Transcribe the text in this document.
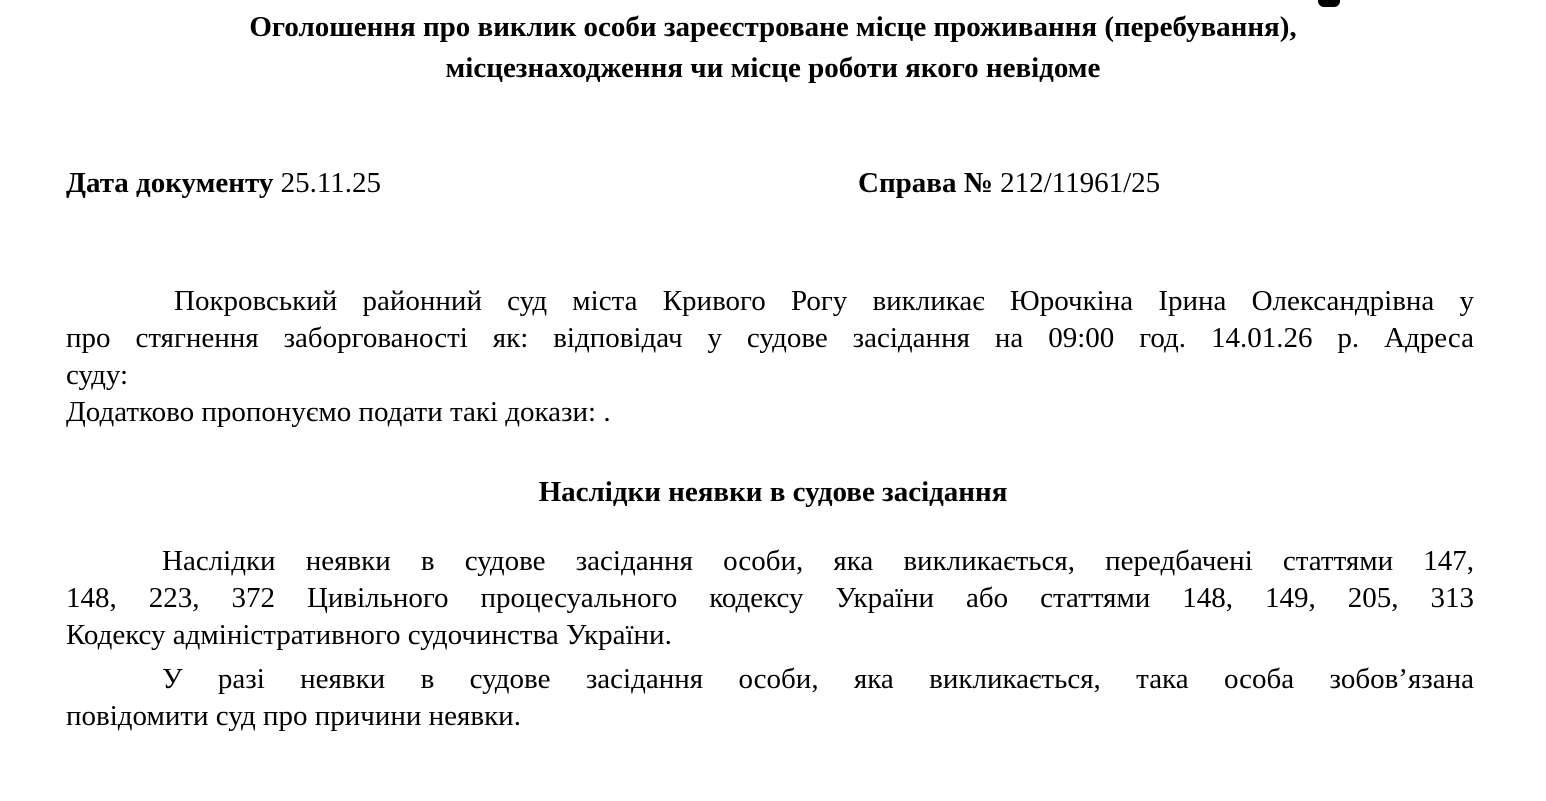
Оголошення про виклик особи зареєстроване місце проживання (перебування),
місцезнаходження чи місце роботи якого невідоме
Дата документу 25.11.25	Справа № 212/11961/25
Покровський районний суд міста Кривого Рогу викликає Юрочкіна Ірина Олександрівна у
про стягнення заборгованості як: відповідач у судове засідання на 09:00 год. 14.01.26 р. Адреса
суду:
Додатково пропонуємо подати такі докази: .
Наслідки неявки в судове засідання
Наслідки неявки в судове засідання особи, яка викликається, передбачені статтями 147,
148, 223, 372 Цивільного процесуального кодексу України або статтями 148, 149, 205, 313
Кодексу адміністративного судочинства України.
У разі неявки в судове засідання особи, яка викликається, така особа зобов’язана
повідомити суд про причини неявки.
